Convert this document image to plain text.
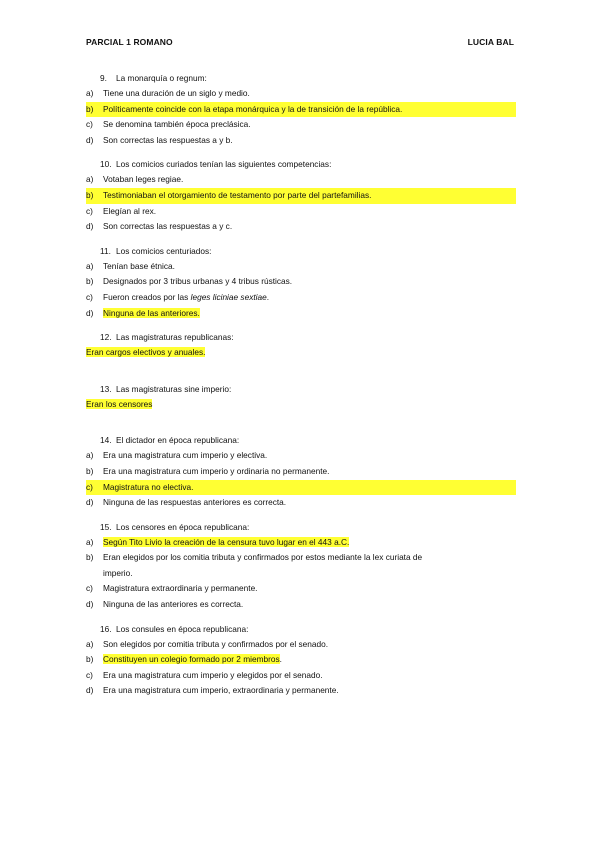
PARCIAL 1 ROMANO	LUCIA BAL
9. La monarquía o regnum:
a) Tiene una duración de un siglo y medio.
b) Políticamente coincide con la etapa monárquica y la de transición de la república.
c) Se denomina también época preclásica.
d) Son correctas las respuestas a y b.
10. Los comicios curiados tenían las siguientes competencias:
a) Votaban leges regiae.
b) Testimoniaban el otorgamiento de testamento por parte del partefamilias.
c) Elegían al rex.
d) Son correctas las respuestas a y c.
11. Los comicios centuriados:
a) Tenían base étnica.
b) Designados por 3 tribus urbanas y 4 tribus rústicas.
c) Fueron creados por las leges liciniae sextiae.
d) Ninguna de las anteriores.
12. Las magistraturas republicanas:
Eran cargos electivos y anuales.
13. Las magistraturas sine imperio:
Eran los censores
14. El dictador en época republicana:
a) Era una magistratura cum imperio y electiva.
b) Era una magistratura cum imperio y ordinaria no permanente.
c) Magistratura no electiva.
d) Ninguna de las respuestas anteriores es correcta.
15. Los censores en época republicana:
a) Según Tito Livio la creación de la censura tuvo lugar en el 443 a.C.
b) Eran elegidos por los comitia tributa y confirmados por estos mediante la lex curiata de
imperio.
c) Magistratura extraordinaria y permanente.
d) Ninguna de las anteriores es correcta.
16. Los consules en época republicana:
a) Son elegidos por comitia tributa y confirmados por el senado.
b) Constituyen un colegio formado por 2 miembros.
c) Era una magistratura cum imperio y elegidos por el senado.
d) Era una magistratura cum imperio, extraordinaria y permanente.
